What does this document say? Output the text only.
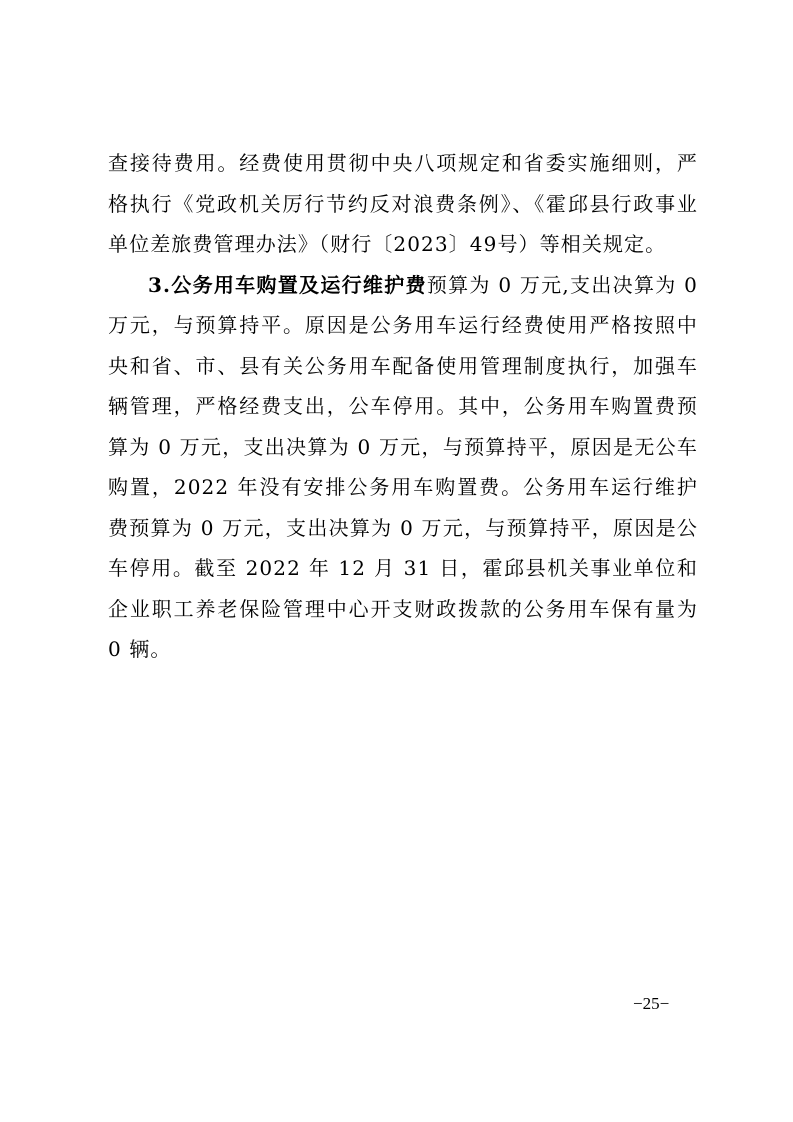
查接待费用。经费使用贯彻中央八项规定和省委实施细则，严格执行《党政机关厉行节约反对浪费条例》、《霍邱县行政事业单位差旅费管理办法》（财行〔2023〕49号）等相关规定。

3.公务用车购置及运行维护费预算为 0 万元,支出决算为 0 万元，与预算持平。原因是公务用车运行经费使用严格按照中央和省、市、县有关公务用车配备使用管理制度执行，加强车辆管理，严格经费支出，公车停用。其中，公务用车购置费预算为 0 万元，支出决算为 0 万元，与预算持平，原因是无公车购置，2022 年没有安排公务用车购置费。公务用车运行维护费预算为 0 万元，支出决算为 0 万元，与预算持平，原因是公车停用。截至 2022 年 12 月 31 日，霍邱县机关事业单位和企业职工养老保险管理中心开支财政拨款的公务用车保有量为 0 辆。

−25−
